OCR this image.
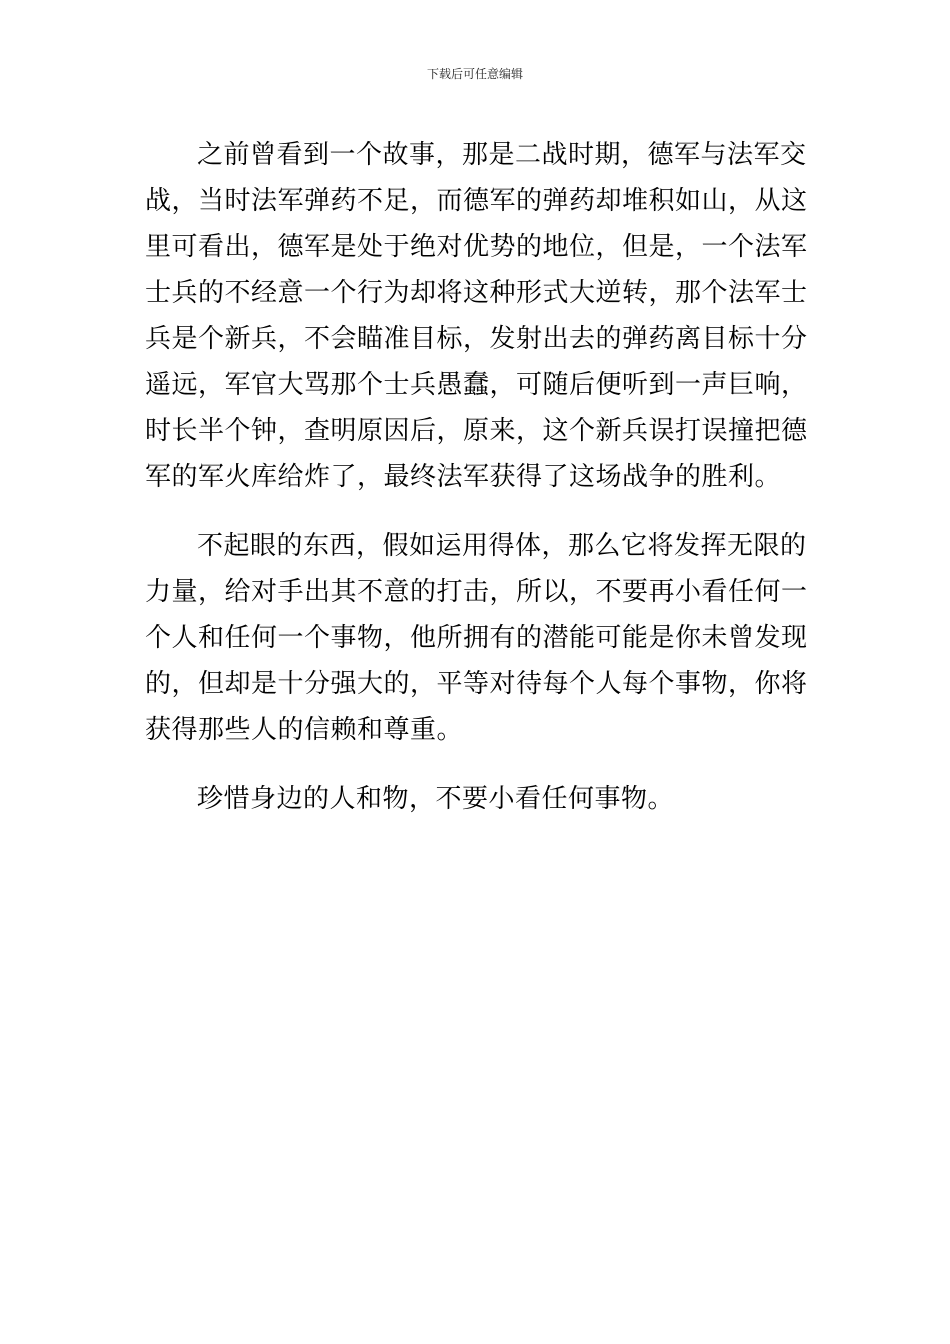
下载后可任意编辑

之前曾看到一个故事，那是二战时期，德军与法军交
战，当时法军弹药不足，而德军的弹药却堆积如山，从这
里可看出，德军是处于绝对优势的地位，但是，一个法军
士兵的不经意一个行为却将这种形式大逆转，那个法军士
兵是个新兵，不会瞄准目标，发射出去的弹药离目标十分
遥远，军官大骂那个士兵愚蠢，可随后便听到一声巨响，
时长半个钟，查明原因后，原来，这个新兵误打误撞把德
军的军火库给炸了，最终法军获得了这场战争的胜利。

不起眼的东西，假如运用得体，那么它将发挥无限的
力量，给对手出其不意的打击，所以，不要再小看任何一
个人和任何一个事物，他所拥有的潜能可能是你未曾发现
的，但却是十分强大的，平等对待每个人每个事物，你将
获得那些人的信赖和尊重。

珍惜身边的人和物，不要小看任何事物。
